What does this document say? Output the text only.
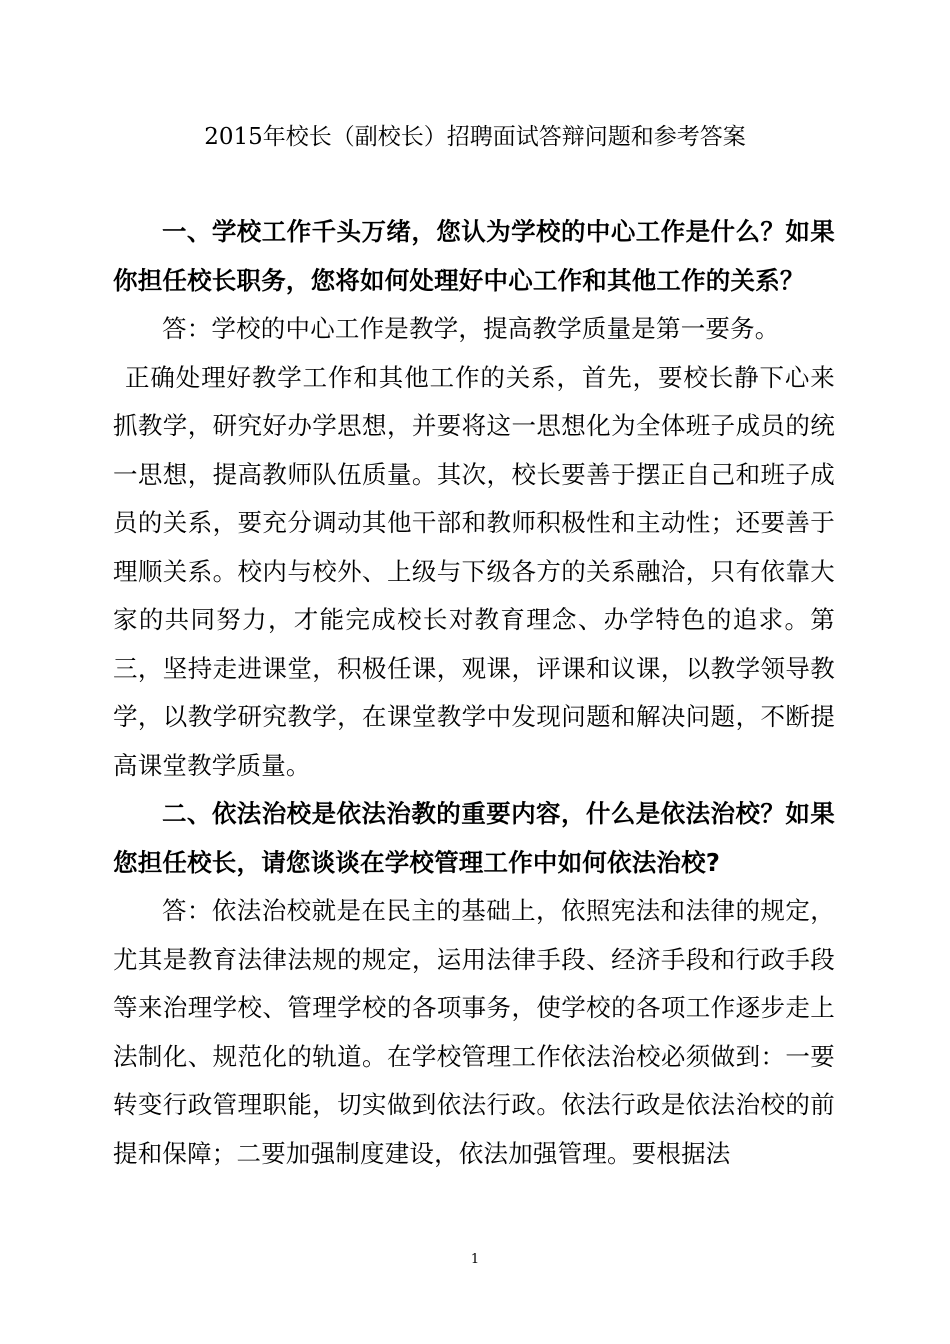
2015年校长（副校长）招聘面试答辩问题和参考答案

一、学校工作千头万绪，您认为学校的中心工作是什么？如果你担任校长职务，您将如何处理好中心工作和其他工作的关系？

答：学校的中心工作是教学，提高教学质量是第一要务。

正确处理好教学工作和其他工作的关系，首先，要校长静下心来抓教学，研究好办学思想，并要将这一思想化为全体班子成员的统一思想，提高教师队伍质量。其次，校长要善于摆正自己和班子成员的关系，要充分调动其他干部和教师积极性和主动性；还要善于理顺关系。校内与校外、上级与下级各方的关系融洽，只有依靠大家的共同努力，才能完成校长对教育理念、办学特色的追求。第三，坚持走进课堂，积极任课，观课，评课和议课，以教学领导教学，以教学研究教学，在课堂教学中发现问题和解决问题，不断提高课堂教学质量。

二、依法治校是依法治教的重要内容，什么是依法治校？如果您担任校长，请您谈谈在学校管理工作中如何依法治校?

答：依法治校就是在民主的基础上，依照宪法和法律的规定，尤其是教育法律法规的规定，运用法律手段、经济手段和行政手段等来治理学校、管理学校的各项事务，使学校的各项工作逐步走上法制化、规范化的轨道。在学校管理工作依法治校必须做到：一要转变行政管理职能，切实做到依法行政。依法行政是依法治校的前提和保障；二要加强制度建设，依法加强管理。要根据法

1
